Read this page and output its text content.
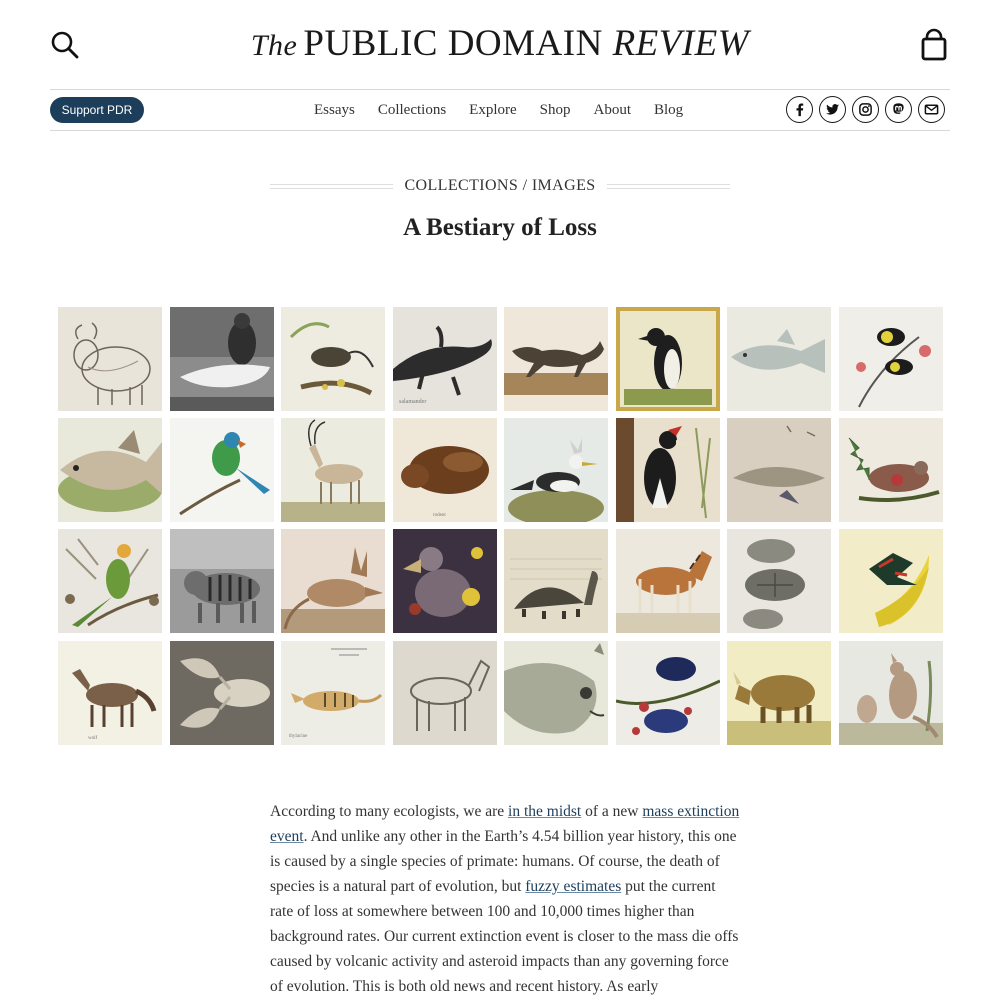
The PUBLIC DOMAIN REVIEW
Support PDR	Essays Collections Explore Shop About Blog
COLLECTIONS / IMAGES
A Bestiary of Loss
salamander
rodent
wolf	thylacine
According to many ecologists, we are in the midst of a new mass extinction event. And unlike any other in the Earth’s 4.54 billion year history, this one is caused by a single species of primate: humans. Of course, the death of species is a natural part of evolution, but fuzzy estimates put the current rate of loss at somewhere between 100 and 10,000 times higher than background rates. Our current extinction event is closer to the mass die offs caused by volcanic activity and asteroid impacts than any governing force of evolution. This is both old news and recent history. As early
